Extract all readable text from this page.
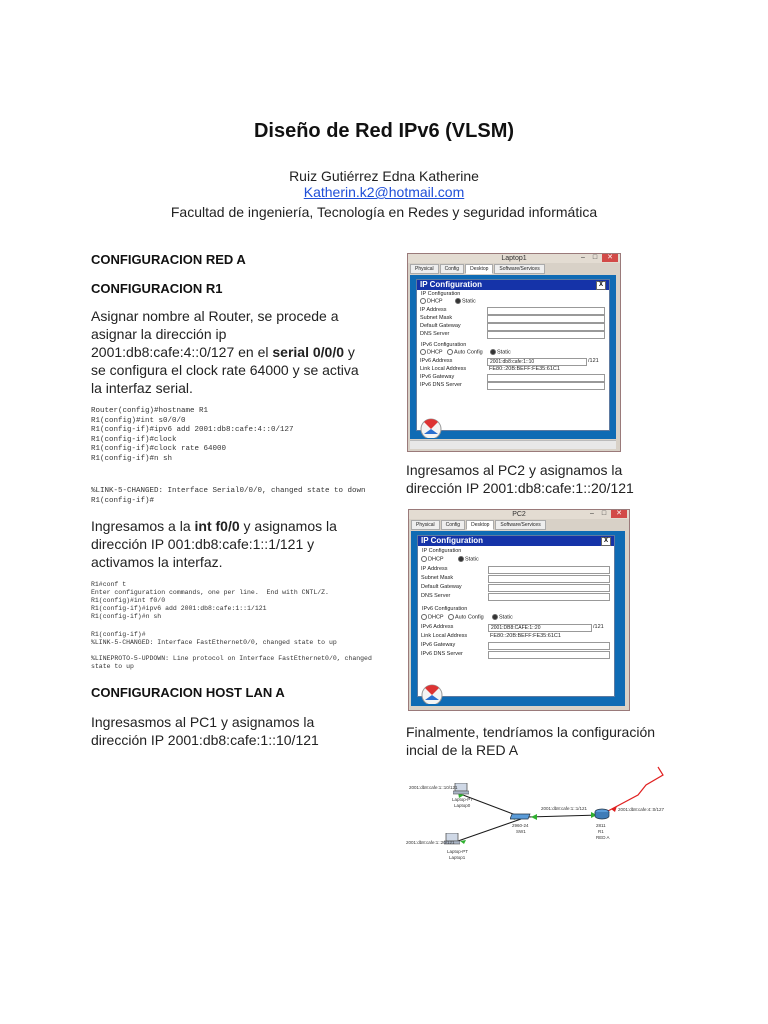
Diseño de Red IPv6 (VLSM)
Ruiz Gutiérrez Edna Katherine
Katherin.k2@hotmail.com
Facultad de ingeniería, Tecnología en Redes y seguridad informática
CONFIGURACION RED A
CONFIGURACION R1
Asignar nombre al Router, se procede a
asignar la dirección ip
2001:db8:cafe:4::0/127 en el serial 0/0/0 y
se configura el clock rate 64000 y se activa
la interfaz serial.
Router(config)#hostname R1
R1(config)#int s0/0/0
R1(config-if)#ipv6 add 2001:db8:cafe:4::0/127
R1(config-if)#clock
R1(config-if)#clock rate 64000
R1(config-if)#n sh
%LINK-5-CHANGED: Interface Serial0/0/0, changed state to down
R1(config-if)#
Ingresamos a la int f0/0 y asignamos la
dirección IP 001:db8:cafe:1::1/121 y
activamos la interfaz.
R1#conf t
Enter configuration commands, one per line.  End with CNTL/Z.
R1(config)#int f0/0
R1(config-if)#ipv6 add 2001:db8:cafe:1::1/121
R1(config-if)#n sh
R1(config-if)#
%LINK-5-CHANGED: Interface FastEthernet0/0, changed state to up
%LINEPROTO-5-UPDOWN: Line protocol on Interface FastEthernet0/0, changed
state to up
CONFIGURACION HOST LAN A
Ingresasmos al PC1 y asignamos la
dirección IP 2001:db8:cafe:1::10/121
Laptop1	–	□	✕
Physical	Config	Desktop	Software/Services
IP Configuration	X
IP Configuration
DHCP	Static
IP Address
Subnet Mask
Default Gateway
DNS Server
IPv6 Configuration
DHCP	Auto Config	Static
IPv6 Address	2001:db8:cafe:1::10	/121
Link Local Address	FE80::20B:BEFF:FE35:61C1
IPv6 Gateway
IPv6 DNS Server
Ingresamos al PC2 y asignamos la
dirección IP 2001:db8:cafe:1::20/121
PC2	–	□	✕
Physical	Config	Desktop	Software/Services
IP Configuration	X
IP Configuration
DHCP	Static
IP Address
Subnet Mask
Default Gateway
DNS Server
IPv6 Configuration
DHCP	Auto Config	Static
IPv6 Address	2001:DB8:CAFE:1::20	/121
Link Local Address	FE80::20B:BEFF:FE35:61C1
IPv6 Gateway
IPv6 DNS Server
Finalmente, tendríamos la configuración
incial de la RED A
2001:db8:cafe:1::10/121
Laptop-PT
Laptop0
2001:db8:cafe:1::20/121
Laptop-PT
Laptop1
2960-24
SW1
2001:db8:cafe:1::1/121
2811
R1
RED A
2001:db8:cafe:4::0/127
